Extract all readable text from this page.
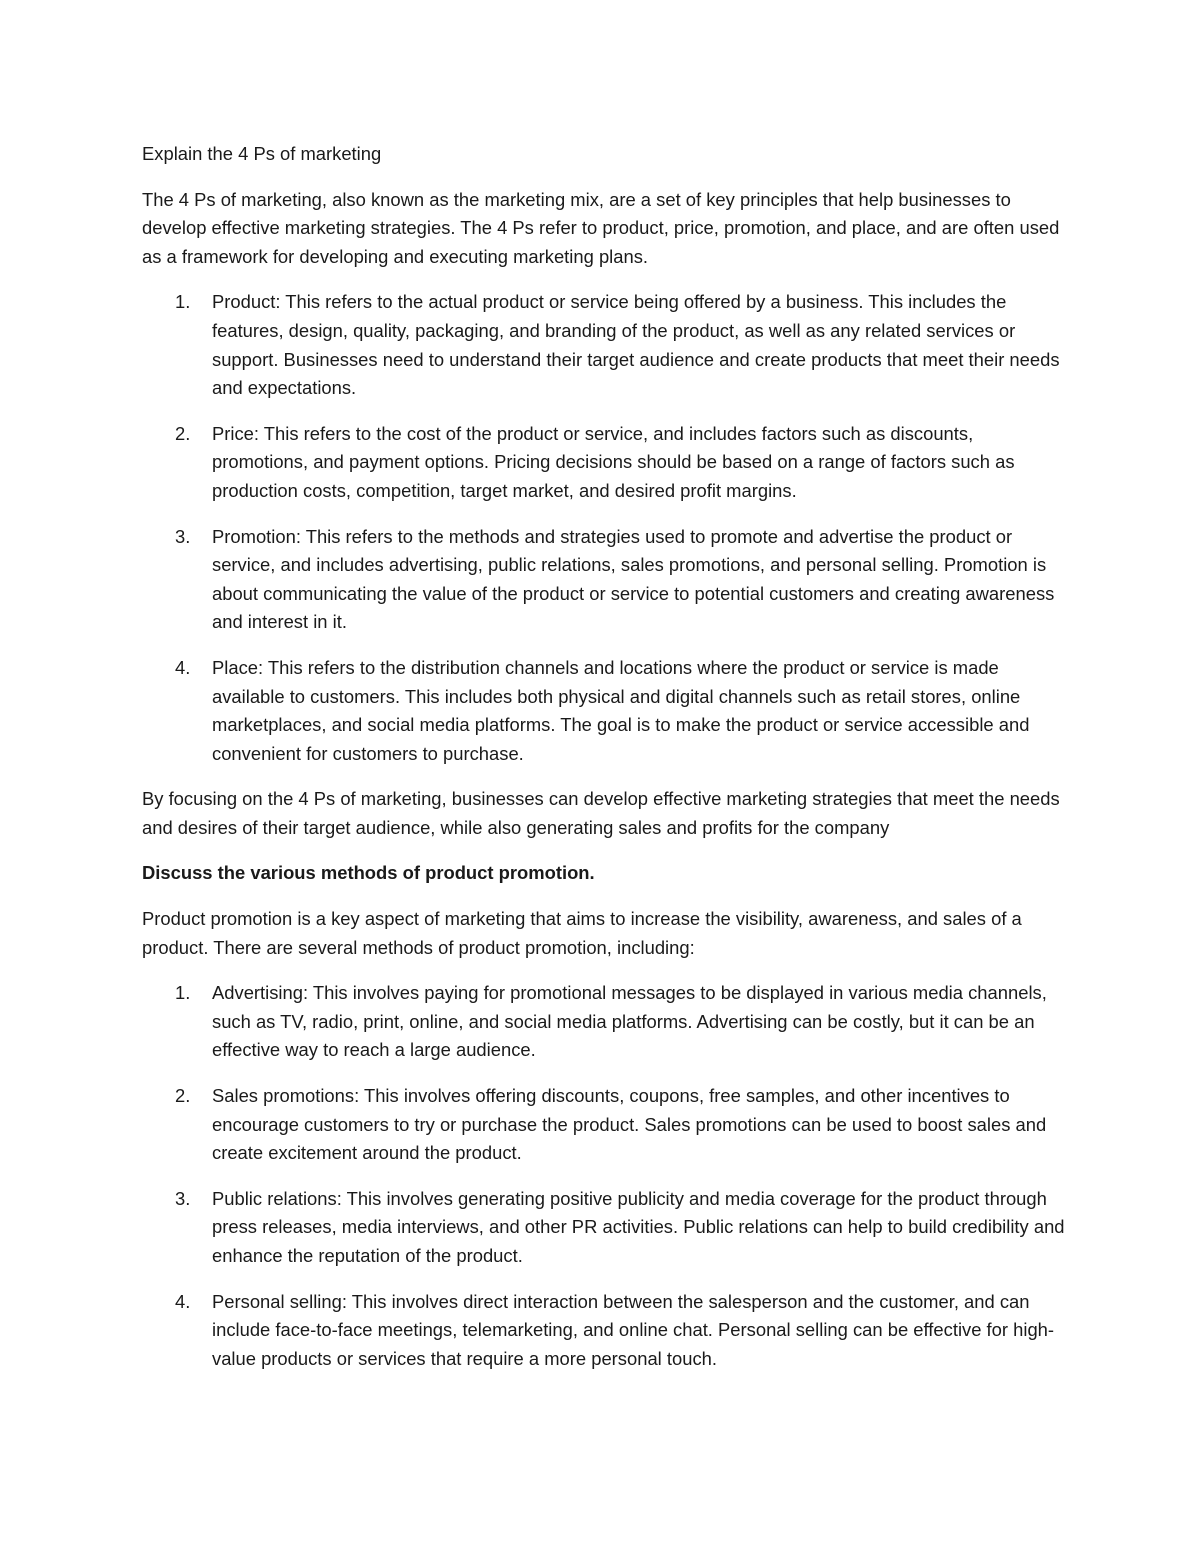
Explain the 4 Ps of marketing

The 4 Ps of marketing, also known as the marketing mix, are a set of key principles that help businesses to develop effective marketing strategies. The 4 Ps refer to product, price, promotion, and place, and are often used as a framework for developing and executing marketing plans.

1. Product: This refers to the actual product or service being offered by a business. This includes the features, design, quality, packaging, and branding of the product, as well as any related services or support. Businesses need to understand their target audience and create products that meet their needs and expectations.
2. Price: This refers to the cost of the product or service, and includes factors such as discounts, promotions, and payment options. Pricing decisions should be based on a range of factors such as production costs, competition, target market, and desired profit margins.
3. Promotion: This refers to the methods and strategies used to promote and advertise the product or service, and includes advertising, public relations, sales promotions, and personal selling. Promotion is about communicating the value of the product or service to potential customers and creating awareness and interest in it.
4. Place: This refers to the distribution channels and locations where the product or service is made available to customers. This includes both physical and digital channels such as retail stores, online marketplaces, and social media platforms. The goal is to make the product or service accessible and convenient for customers to purchase.

By focusing on the 4 Ps of marketing, businesses can develop effective marketing strategies that meet the needs and desires of their target audience, while also generating sales and profits for the company

Discuss the various methods of product promotion.

Product promotion is a key aspect of marketing that aims to increase the visibility, awareness, and sales of a product. There are several methods of product promotion, including:

1. Advertising: This involves paying for promotional messages to be displayed in various media channels, such as TV, radio, print, online, and social media platforms. Advertising can be costly, but it can be an effective way to reach a large audience.
2. Sales promotions: This involves offering discounts, coupons, free samples, and other incentives to encourage customers to try or purchase the product. Sales promotions can be used to boost sales and create excitement around the product.
3. Public relations: This involves generating positive publicity and media coverage for the product through press releases, media interviews, and other PR activities. Public relations can help to build credibility and enhance the reputation of the product.
4. Personal selling: This involves direct interaction between the salesperson and the customer, and can include face-to-face meetings, telemarketing, and online chat. Personal selling can be effective for high-value products or services that require a more personal touch.
